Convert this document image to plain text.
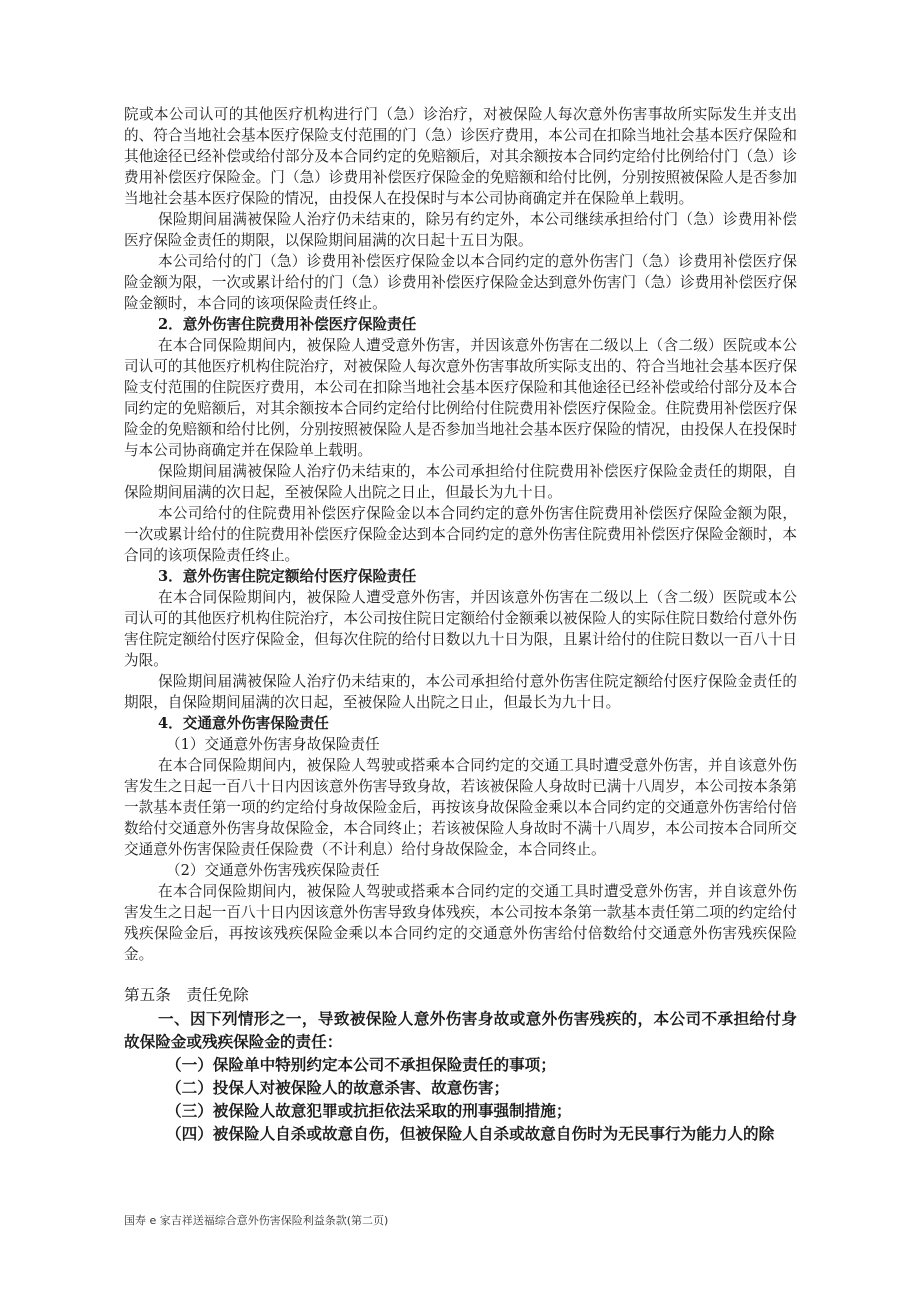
院或本公司认可的其他医疗机构进行门（急）诊治疗，对被保险人每次意外伤害事故所实际发生并支出的、符合当地社会基本医疗保险支付范围的门（急）诊医疗费用，本公司在扣除当地社会基本医疗保险和其他途径已经补偿或给付部分及本合同约定的免赔额后，对其余额按本合同约定给付比例给付门（急）诊费用补偿医疗保险金。门（急）诊费用补偿医疗保险金的免赔额和给付比例，分别按照被保险人是否参加当地社会基本医疗保险的情况，由投保人在投保时与本公司协商确定并在保险单上载明。

保险期间届满被保险人治疗仍未结束的，除另有约定外，本公司继续承担给付门（急）诊费用补偿医疗保险金责任的期限，以保险期间届满的次日起十五日为限。

本公司给付的门（急）诊费用补偿医疗保险金以本合同约定的意外伤害门（急）诊费用补偿医疗保险金额为限，一次或累计给付的门（急）诊费用补偿医疗保险金达到意外伤害门（急）诊费用补偿医疗保险金额时，本合同的该项保险责任终止。

2．意外伤害住院费用补偿医疗保险责任

在本合同保险期间内，被保险人遭受意外伤害，并因该意外伤害在二级以上（含二级）医院或本公司认可的其他医疗机构住院治疗，对被保险人每次意外伤害事故所实际支出的、符合当地社会基本医疗保险支付范围的住院医疗费用，本公司在扣除当地社会基本医疗保险和其他途径已经补偿或给付部分及本合同约定的免赔额后，对其余额按本合同约定给付比例给付住院费用补偿医疗保险金。住院费用补偿医疗保险金的免赔额和给付比例，分别按照被保险人是否参加当地社会基本医疗保险的情况，由投保人在投保时与本公司协商确定并在保险单上载明。

保险期间届满被保险人治疗仍未结束的，本公司承担给付住院费用补偿医疗保险金责任的期限，自保险期间届满的次日起，至被保险人出院之日止，但最长为九十日。

本公司给付的住院费用补偿医疗保险金以本合同约定的意外伤害住院费用补偿医疗保险金额为限，一次或累计给付的住院费用补偿医疗保险金达到本合同约定的意外伤害住院费用补偿医疗保险金额时，本合同的该项保险责任终止。

3．意外伤害住院定额给付医疗保险责任

在本合同保险期间内，被保险人遭受意外伤害，并因该意外伤害在二级以上（含二级）医院或本公司认可的其他医疗机构住院治疗，本公司按住院日定额给付金额乘以被保险人的实际住院日数给付意外伤害住院定额给付医疗保险金，但每次住院的给付日数以九十日为限，且累计给付的住院日数以一百八十日为限。

保险期间届满被保险人治疗仍未结束的，本公司承担给付意外伤害住院定额给付医疗保险金责任的期限，自保险期间届满的次日起，至被保险人出院之日止，但最长为九十日。

4．交通意外伤害保险责任

（1）交通意外伤害身故保险责任

在本合同保险期间内，被保险人驾驶或搭乘本合同约定的交通工具时遭受意外伤害，并自该意外伤害发生之日起一百八十日内因该意外伤害导致身故，若该被保险人身故时已满十八周岁，本公司按本条第一款基本责任第一项的约定给付身故保险金后，再按该身故保险金乘以本合同约定的交通意外伤害给付倍数给付交通意外伤害身故保险金，本合同终止；若该被保险人身故时不满十八周岁，本公司按本合同所交交通意外伤害保险责任保险费（不计利息）给付身故保险金，本合同终止。

（2）交通意外伤害残疾保险责任

在本合同保险期间内，被保险人驾驶或搭乘本合同约定的交通工具时遭受意外伤害，并自该意外伤害发生之日起一百八十日内因该意外伤害导致身体残疾，本公司按本条第一款基本责任第二项的约定给付残疾保险金后，再按该残疾保险金乘以本合同约定的交通意外伤害给付倍数给付交通意外伤害残疾保险金。

第五条　责任免除

一、因下列情形之一，导致被保险人意外伤害身故或意外伤害残疾的，本公司不承担给付身故保险金或残疾保险金的责任：

（一）保险单中特别约定本公司不承担保险责任的事项；

（二）投保人对被保险人的故意杀害、故意伤害；

（三）被保险人故意犯罪或抗拒依法采取的刑事强制措施；

（四）被保险人自杀或故意自伤，但被保险人自杀或故意自伤时为无民事行为能力人的除

国寿 e 家吉祥送福综合意外伤害保险利益条款(第二页)
